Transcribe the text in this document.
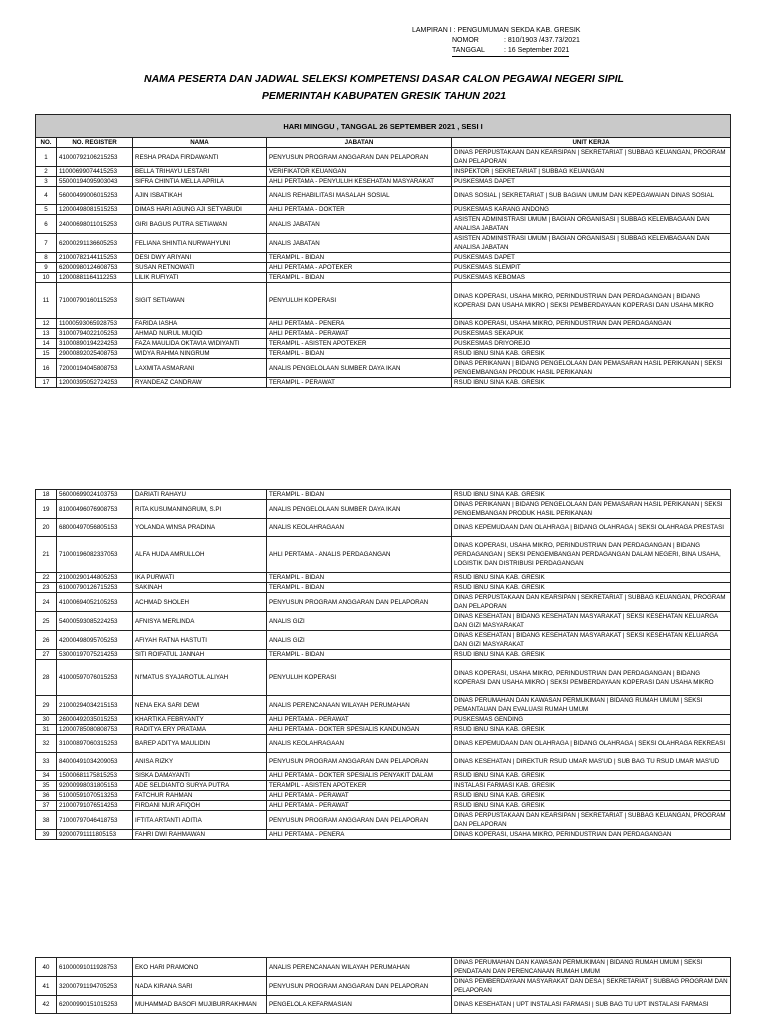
LAMPIRAN I : PENGUMUMAN SEKDA KAB. GRESIK
NOMOR	: 810/1903 /437.73/2021
TANGGAL	: 16 September 2021
NAMA PESERTA DAN JADWAL SELEKSI KOMPETENSI DASAR CALON PEGAWAI NEGERI SIPIL
PEMERINTAH KABUPATEN GRESIK TAHUN 2021
HARI MINGGU , TANGGAL 26 SEPTEMBER 2021 , SESI I				
NO.	NO. REGISTER	NAMA	JABATAN	UNIT KERJA
1	41000792106215253	RESHA PRADA FIRDAWANTI	PENYUSUN PROGRAM ANGGARAN DAN PELAPORAN	DINAS PERPUSTAKAAN DAN KEARSIPAN | SEKRETARIAT | SUBBAG KEUANGAN, PROGRAM DAN PELAPORAN
2	11000699074415253	BELLA TRIHAYU LESTARI	VERIFIKATOR KEUANGAN	INSPEKTOR | SEKRETARIAT | SUBBAG KEUANGAN
3	55000194095903043	SIFRA CHINTIA MELLA APRILA	AHLI PERTAMA - PENYULUH KESEHATAN MASYARAKAT	PUSKESMAS DAPET
4	56000499006015253	AJIN ISBATIKAH	ANALIS REHABILITASI MASALAH SOSIAL	DINAS SOSIAL | SEKRETARIAT | SUB BAGIAN UMUM DAN KEPEGAWAIAN DINAS SOSIAL
5	12000498081515253	DIMAS HARI AGUNG AJI SETYABUDI	AHLI PERTAMA - DOKTER	PUSKESMAS KARANG ANDONG
6	24000698011015253	GIRI BAGUS PUTRA SETIAWAN	ANALIS JABATAN	ASISTEN ADMINISTRASI UMUM | BAGIAN ORGANISASI | SUBBAG KELEMBAGAAN DAN ANALISA JABATAN
7	62000291136605253	FELIANA SHINTIA NURWAHYUNI	ANALIS JABATAN	ASISTEN ADMINISTRASI UMUM | BAGIAN ORGANISASI | SUBBAG KELEMBAGAAN DAN ANALISA JABATAN
8	21000782144115253	DESI DWY ARIYANI	TERAMPIL - BIDAN	PUSKESMAS DAPET
9	62000980124608753	SUSAN RETNOWATI	AHLI PERTAMA - APOTEKER	PUSKESMAS SLEMPIT
10	12000881164112253	LILIK RUFIYATI	TERAMPIL - BIDAN	PUSKESMAS KEBOMAS
11	71000790160115253	SIGIT SETIAWAN	PENYULUH KOPERASI	DINAS KOPERASI, USAHA MIKRO, PERINDUSTRIAN DAN PERDAGANGAN | BIDANG KOPERASI DAN USAHA MIKRO | SEKSI PEMBERDAYAAN KOPERASI DAN USAHA MIKRO
12	11000593065928753	FARIDA IASHA	AHLI PERTAMA - PENERA	DINAS KOPERASI, USAHA MIKRO, PERINDUSTRIAN DAN PERDAGANGAN
13	31000794022105253	AHMAD NURUL MUQID	AHLI PERTAMA - PERAWAT	PUSKESMAS SEKAPUK
14	31000890194224253	FAZA MAULIDA OKTAVIA WIDIYANTI	TERAMPIL - ASISTEN APOTEKER	PUSKESMAS DRIYOREJO
15	29000892025408753	WIDYA RAHMA NINGRUM	TERAMPIL - BIDAN	RSUD IBNU SINA KAB. GRESIK
16	72000194045808753	LAXMITA ASMARANI	ANALIS PENGELOLAAN SUMBER DAYA IKAN	DINAS PERIKANAN | BIDANG PENGELOLAAN DAN PEMASARAN HASIL PERIKANAN | SEKSI PENGEMBANGAN PRODUK HASIL PERIKANAN
17	12000395052724253	RYANDEAZ CANDRAW	TERAMPIL - PERAWAT	RSUD IBNU SINA KAB. GRESIK
18	56000699024103753	DARIATI RAHAYU	TERAMPIL - BIDAN	RSUD IBNU SINA KAB. GRESIK
19	81000496076908753	RITA KUSUMANINGRUM, S.PI	ANALIS PENGELOLAAN SUMBER DAYA IKAN	DINAS PERIKANAN | BIDANG PENGELOLAAN DAN PEMASARAN HASIL PERIKANAN | SEKSI PENGEMBANGAN PRODUK HASIL PERIKANAN
20	68000497056805153	YOLANDA WINSA PRADINA	ANALIS KEOLAHRAGAAN	DINAS KEPEMUDAAN DAN OLAHRAGA | BIDANG OLAHRAGA | SEKSI OLAHRAGA PRESTASI
21	71000196082337053	ALFA HUDA AMRULLOH	AHLI PERTAMA - ANALIS PERDAGANGAN	DINAS KOPERASI, USAHA MIKRO, PERINDUSTRIAN DAN PERDAGANGAN | BIDANG PERDAGANGAN | SEKSI PENGEMBANGAN PERDAGANGAN DALAM NEGERI, BINA USAHA, LOGISTIK DAN DISTRIBUSI PERDAGANGAN
22	21000290144805253	IKA PURWATI	TERAMPIL - BIDAN	RSUD IBNU SINA KAB. GRESIK
23	61000790126715253	SAKINAH	TERAMPIL - BIDAN	RSUD IBNU SINA KAB. GRESIK
24	41000694052105253	ACHMAD SHOLEH	PENYUSUN PROGRAM ANGGARAN DAN PELAPORAN	DINAS PERPUSTAKAAN DAN KEARSIPAN | SEKRETARIAT | SUBBAG KEUANGAN, PROGRAM DAN PELAPORAN
25	54000593085224253	AFNISYA MERLINDA	ANALIS GIZI	DINAS KESEHATAN | BIDANG KESEHATAN MASYARAKAT | SEKSI KESEHATAN KELUARGA DAN GIZI MASYARAKAT
26	42000498095705253	AFIYAH RATNA HASTUTI	ANALIS GIZI	DINAS KESEHATAN | BIDANG KESEHATAN MASYARAKAT | SEKSI KESEHATAN KELUARGA DAN GIZI MASYARAKAT
27	53000197075214253	SITI ROIFATUL JANNAH	TERAMPIL - BIDAN	RSUD IBNU SINA KAB. GRESIK
28	41000597076015253	NI'MATUS SYAJAROTUL ALIYAH	PENYULUH KOPERASI	DINAS KOPERASI, USAHA MIKRO, PERINDUSTRIAN DAN PERDAGANGAN | BIDANG KOPERASI DAN USAHA MIKRO | SEKSI PEMBERDAYAAN KOPERASI DAN USAHA MIKRO
29	21000294034215153	NENA EKA SARI DEWI	ANALIS PERENCANAAN WILAYAH PERUMAHAN	DINAS PERUMAHAN DAN KAWASAN PERMUKIMAN | BIDANG RUMAH UMUM | SEKSI PEMANTAUAN DAN EVALUASI RUMAH UMUM
30	26000492035015253	KHARTIKA FEBRYANTY	AHLI PERTAMA - PERAWAT	PUSKESMAS GENDING
31	12000785080808753	RADITYA ERY PRATAMA	AHLI PERTAMA - DOKTER SPESIALIS KANDUNGAN	RSUD IBNU SINA KAB. GRESIK
32	31000897060315253	BAREP ADITYA MAULIDIN	ANALIS KEOLAHRAGAAN	DINAS KEPEMUDAAN DAN OLAHRAGA | BIDANG OLAHRAGA | SEKSI OLAHRAGA REKREASI
33	84000491034209053	ANISA RIZKY	PENYUSUN PROGRAM ANGGARAN DAN PELAPORAN	DINAS KESEHATAN | DIREKTUR RSUD UMAR MAS'UD | SUB BAG TU RSUD UMAR MAS'UD
34	15000681175815253	SISKA DAMAYANTI	AHLI PERTAMA - DOKTER SPESIALIS PENYAKIT DALAM	RSUD IBNU SINA KAB. GRESIK
35	92000998031805153	ADE SELDIANTO SURYA PUTRA	TERAMPIL - ASISTEN APOTEKER	INSTALASI FARMASI KAB. GRESIK
36	51000591070513253	FATCHUR RAHMAN	AHLI PERTAMA - PERAWAT	RSUD IBNU SINA KAB. GRESIK
37	21000791076514253	FIRDANI NUR AFIQOH	AHLI PERTAMA - PERAWAT	RSUD IBNU SINA KAB. GRESIK
38	71000797046418753	IFTITA ARTANTI ADITIA	PENYUSUN PROGRAM ANGGARAN DAN PELAPORAN	DINAS PERPUSTAKAAN DAN KEARSIPAN | SEKRETARIAT | SUBBAG KEUANGAN, PROGRAM DAN PELAPORAN
39	92000791111805153	FAHRI DWI RAHMAWAN	AHLI PERTAMA - PENERA	DINAS KOPERASI, USAHA MIKRO, PERINDUSTRIAN DAN PERDAGANGAN
40	61000091011928753	EKO HARI PRAMONO	ANALIS PERENCANAAN WILAYAH PERUMAHAN	DINAS PERUMAHAN DAN KAWASAN PERMUKIMAN | BIDANG RUMAH UMUM | SEKSI PENDATAAN DAN PERENCANAAN RUMAH UMUM
41	32000791194705253	NADA KIRANA SARI	PENYUSUN PROGRAM ANGGARAN DAN PELAPORAN	DINAS PEMBERDAYAAN MASYARAKAT DAN DESA | SEKRETARIAT | SUBBAG PROGRAM DAN PELAPORAN
42	62000990151015253	MUHAMMAD BASOFI MUJIBURRAKHMAN	PENGELOLA KEFARMASIAN	DINAS KESEHATAN | UPT INSTALASI FARMASI | SUB BAG TU UPT INSTALASI FARMASI
